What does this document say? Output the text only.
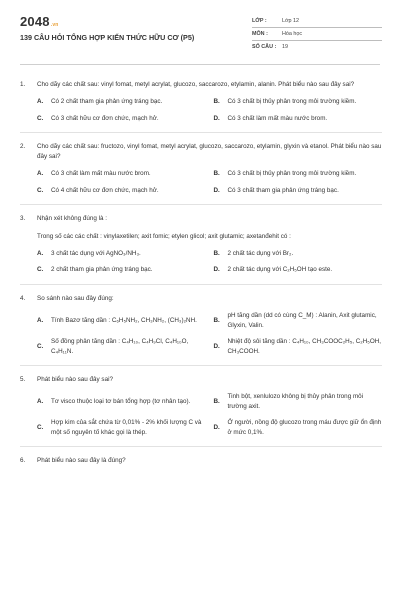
2048.vn
139 CÂU HỎI TỔNG HỢP KIẾN THỨC HỮU CƠ (P5)
LỚP :	Lớp 12
MÔN :	Hóa học
SỐ CÂU :	19
1.	Cho dãy các chất sau: vinyl fomat, metyl acrylat, glucozo, saccarozo, etylamin, alanin. Phát biểu nào sau đây sai?
A.	Có 2 chất tham gia phản ứng tráng bạc.	B.	Có 3 chất bị thủy phân trong môi trường kiềm.
C.	Có 3 chất hữu cơ đơn chức, mạch hở.	D.	Có 3 chất làm mất màu nước brom.
2.	Cho dãy các chất sau: fructozo, vinyl fomat, metyl acrylat, glucozo, saccarozo, etylamin, glyxin và etanol. Phát biểu nào sau đây sai?
A.	Có 3 chất làm mất màu nước brom.	B.	Có 3 chất bị thủy phân trong môi trường kiềm.
C.	Có 4 chất hữu cơ đơn chức, mạch hở.	D.	Có 3 chất tham gia phản ứng tráng bạc.
3.	Nhận xét không đúng là :
Trong số các các chất : vinylaxetilen; axit fomic; etylen glicol; axit glutamic; axetanđehit có :
A.	3 chất tác dụng với AgNO₃/NH₃.	B.	2 chất tác dụng với Br₂.
C.	2 chất tham gia phản ứng tráng bạc.	D.	2 chất tác dụng với C₂H₅OH tạo este.
4.	So sánh nào sau đây đúng:
A.	Tính Bazơ tăng dần : C₆H₅NH₂, CH₃NH₂, (CH₃)₂NH.	B.
pH tăng dần (dd có cùng C_M) : Alanin, Axit glutamic, Glyxin, Valin.
C.
Số đồng phân tăng dần : C₄H₁₀, C₄H₉Cl, C₄H₁₀O, C₄H₁₁N.
D.
Nhiệt độ sôi tăng dần : C₄H₁₀, CH₃COOC₂H₅, C₂H₅OH, CH₃COOH.
5.	Phát biểu nào sau đây sai?
A.	Tơ visco thuộc loại tơ bán tổng hợp (tơ nhân tạo).	B.
Tinh bột, xenlulozo không bị thủy phân trong môi trường axit.
C.
Hợp kim của sắt chứa từ 0,01% - 2% khối lượng C và một số nguyên tố khác gọi là thép.
D.
Ở người, nồng độ glucozo trong máu được giữ ổn định ở mức 0,1%.
6.	Phát biểu nào sau đây là đúng?
